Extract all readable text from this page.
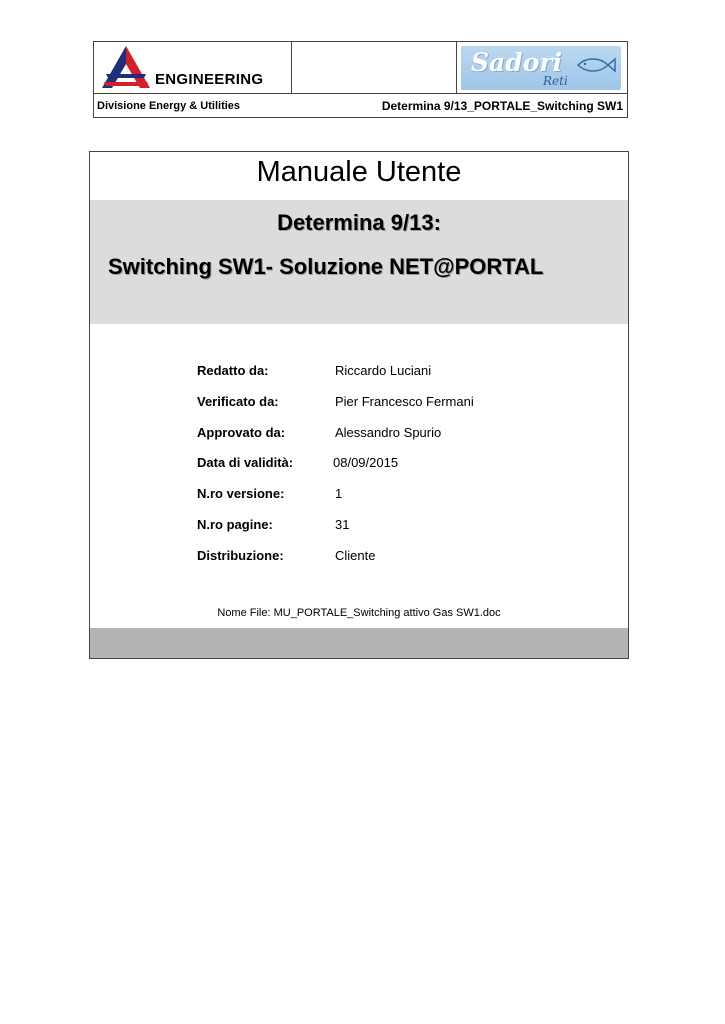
ENGINEERING
Sadori
Reti
Divisione Energy & Utilities	Determina 9/13_PORTALE_Switching SW1
Manuale Utente
Determina 9/13:
Switching SW1- Soluzione NET@PORTAL
Redatto da:	Riccardo Luciani
Verificato da:	Pier Francesco Fermani
Approvato da:	Alessandro Spurio
Data di validità:	08/09/2015
N.ro versione:	1
N.ro pagine:	31
Distribuzione:	Cliente
Nome File: MU_PORTALE_Switching attivo Gas SW1.doc
